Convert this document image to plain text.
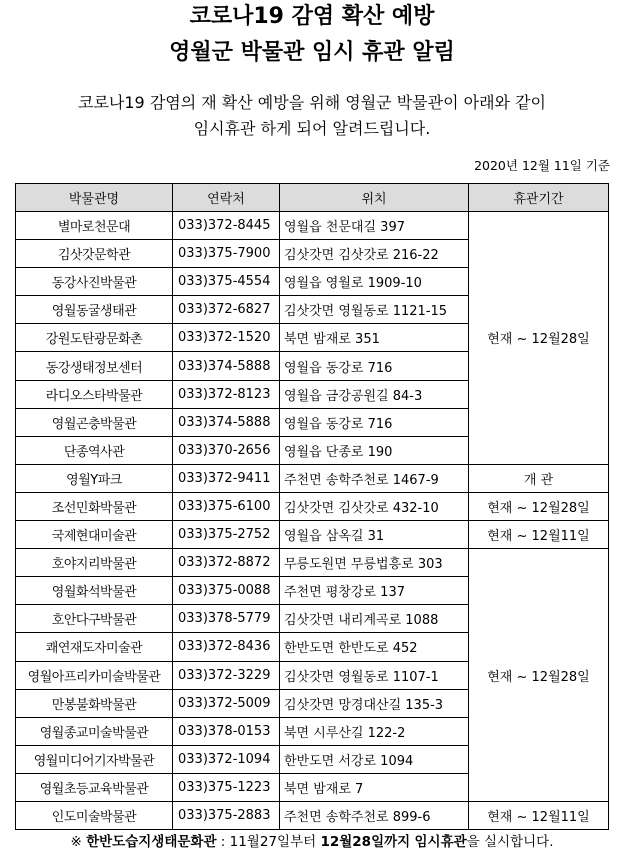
코로나19 감염 확산 예방
영월군 박물관 임시 휴관 알림
코로나19 감염의 재 확산 예방을 위해 영월군 박물관이 아래와 같이
임시휴관 하게 되어 알려드립니다.
2020년 12월 11일 기준
박물관명	연락처	위치	휴관기간
별마로천문대	033)372-8445	영월읍 천문대길 397	현재 ~ 12월28일
김삿갓문학관	033)375-7900	김삿갓면 김삿갓로 216-22	
동강사진박물관	033)375-4554	영월읍 영월로 1909-10	
영월동굴생태관	033)372-6827	김삿갓면 영월동로 1121-15	
강원도탄광문화촌	033)372-1520	북면 밤재로 351	
동강생태정보센터	033)374-5888	영월읍 동강로 716	
라디오스타박물관	033)372-8123	영월읍 금강공원길 84-3	
영월곤충박물관	033)374-5888	영월읍 동강로 716	
단종역사관	033)370-2656	영월읍 단종로 190	
영월Y파크	033)372-9411	주천면 송학주천로 1467-9	개 관
조선민화박물관	033)375-6100	김삿갓면 김삿갓로 432-10	현재 ~ 12월28일
국제현대미술관	033)375-2752	영월읍 삼옥길 31	현재 ~ 12월11일
호야지리박물관	033)372-8872	무릉도원면 무릉법흥로 303	현재 ~ 12월28일
영월화석박물관	033)375-0088	주천면 평창강로 137	
호안다구박물관	033)378-5779	김삿갓면 내리계곡로 1088	
쾌연재도자미술관	033)372-8436	한반도면 한반도로 452	
영월아프리카미술박물관	033)372-3229	김삿갓면 영월동로 1107-1	
만봉불화박물관	033)372-5009	김삿갓면 망경대산길 135-3	
영월종교미술박물관	033)378-0153	북면 시루산길 122-2	
영월미디어기자박물관	033)372-1094	한반도면 서강로 1094	
영월초등교육박물관	033)375-1223	북면 밤재로 7	
인도미술박물관	033)375-2883	주천면 송학주천로 899-6	현재 ~ 12월11일
※ 한반도습지생태문화관 : 11월27일부터 12월28일까지 임시휴관을 실시합니다.
